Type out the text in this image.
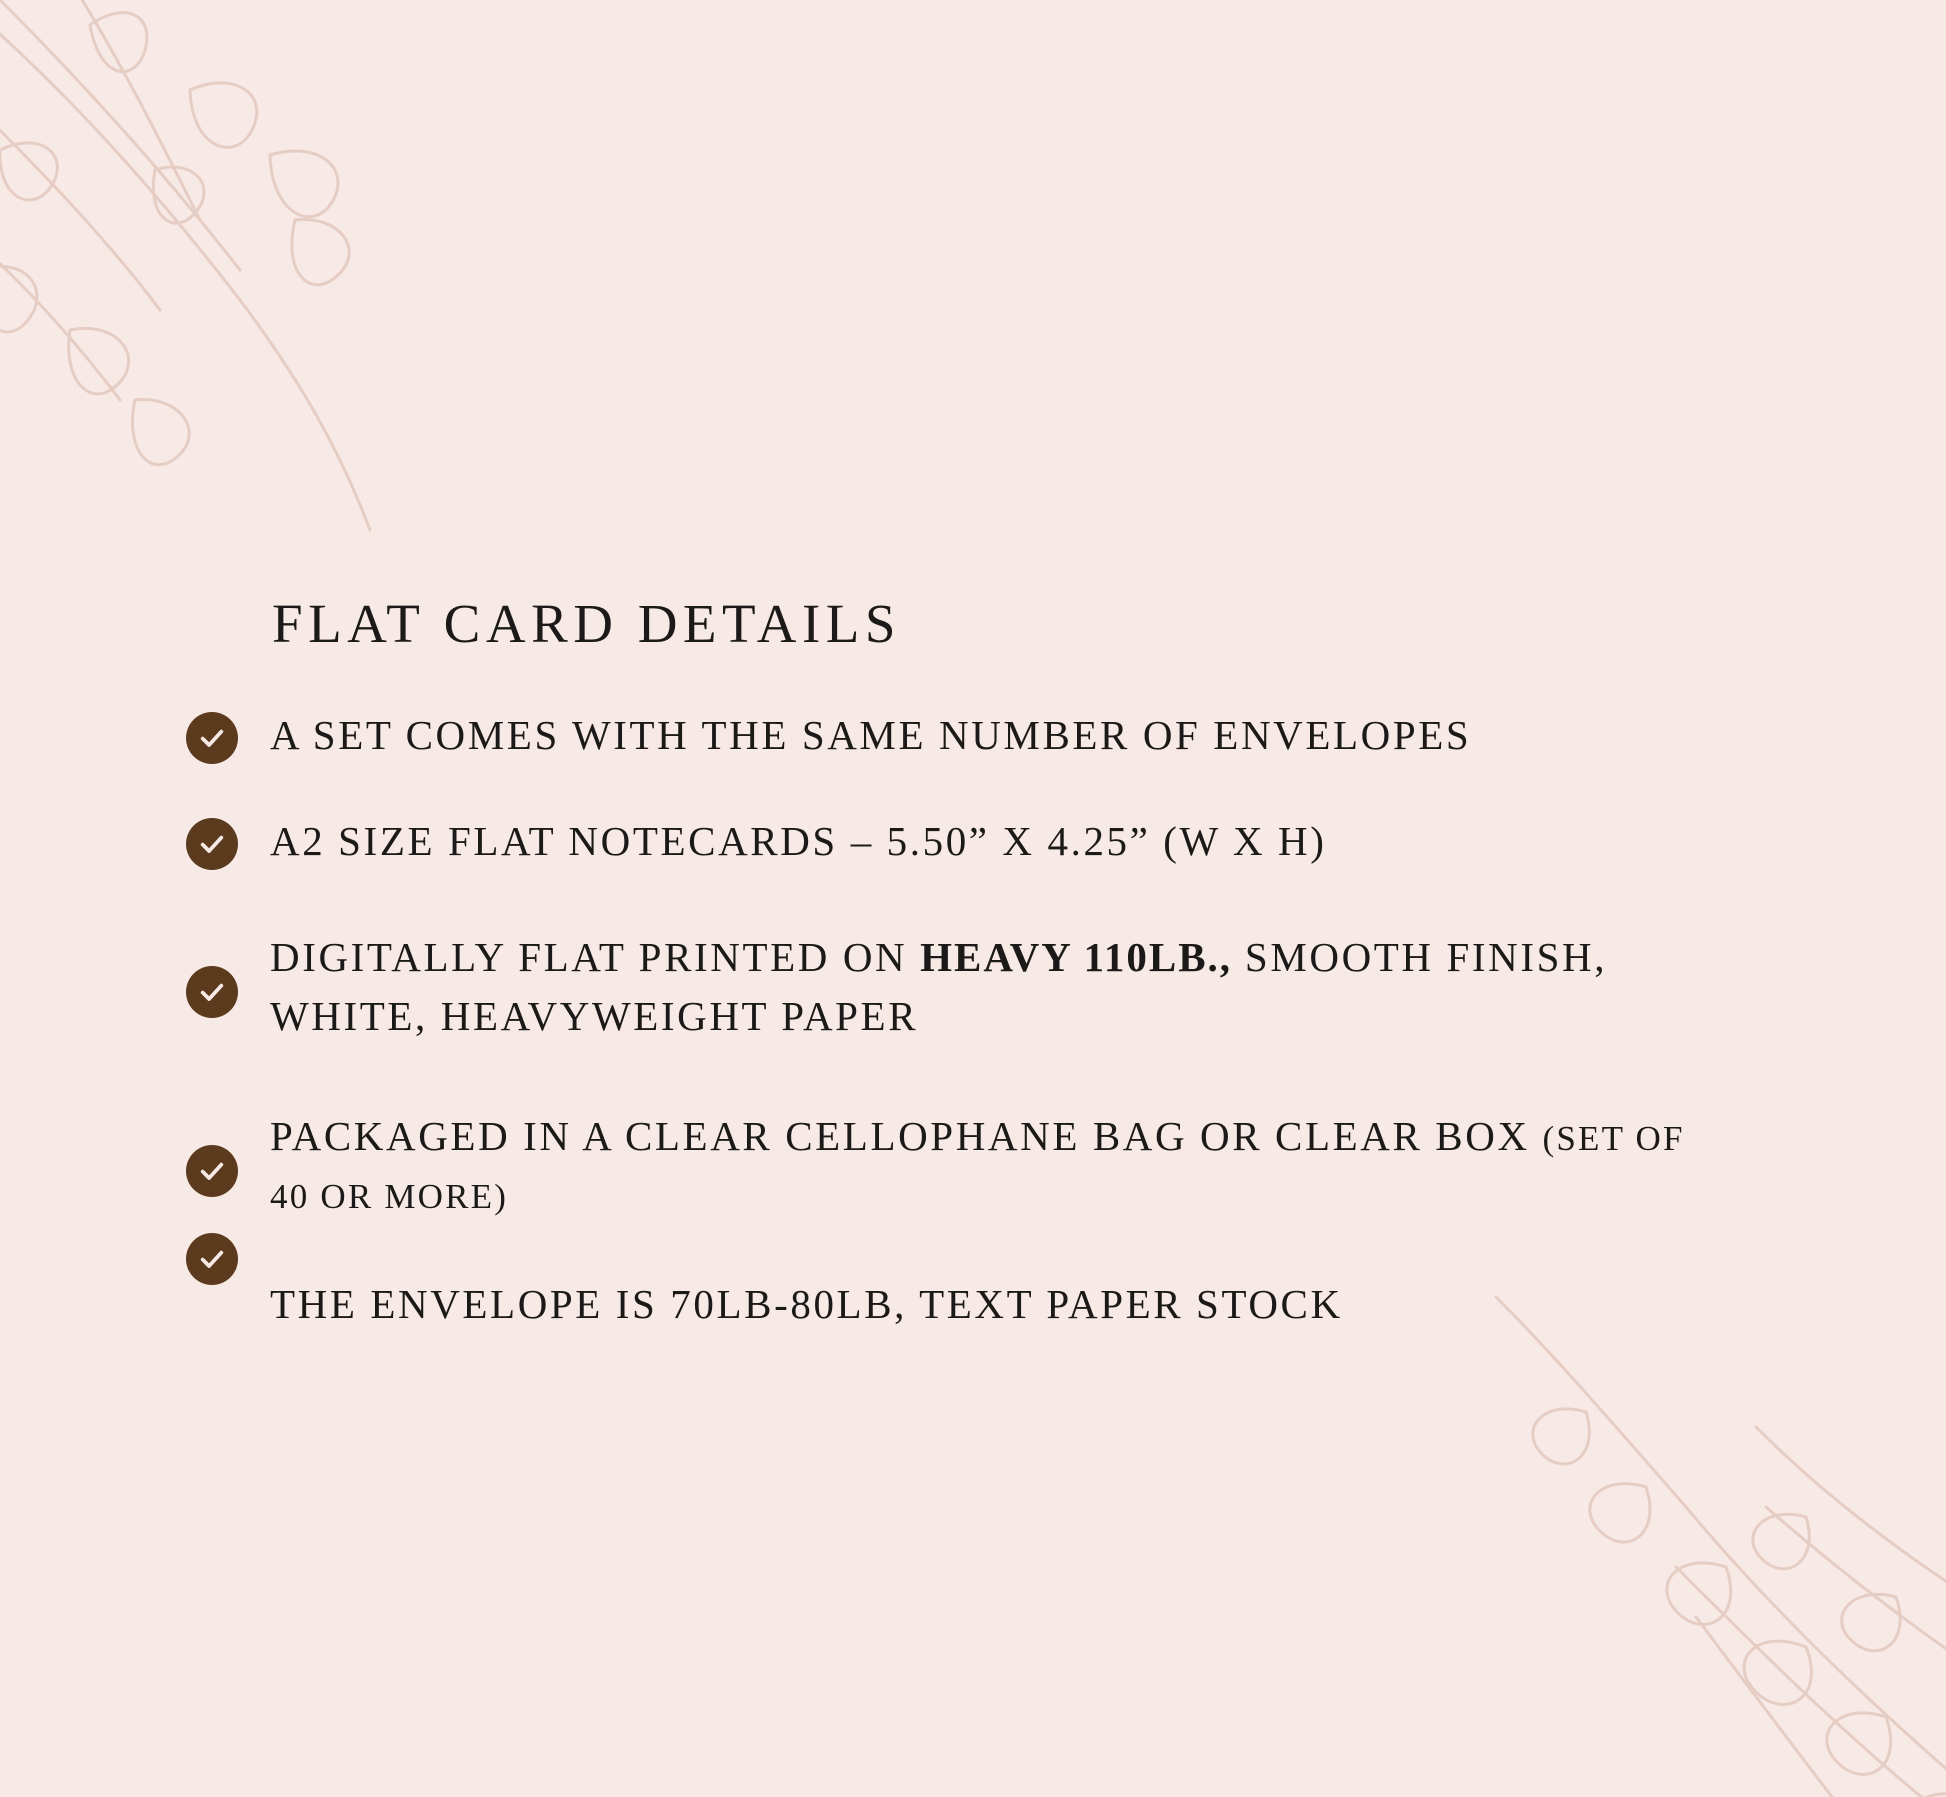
FLAT CARD DETAILS
A SET COMES WITH THE SAME NUMBER OF ENVELOPES
A2 SIZE FLAT NOTECARDS – 5.50” X 4.25” (W X H)
DIGITALLY FLAT PRINTED ON HEAVY 110LB., SMOOTH FINISH, WHITE, HEAVYWEIGHT PAPER
PACKAGED IN A CLEAR CELLOPHANE BAG OR CLEAR BOX (SET OF 40 OR MORE)
THE ENVELOPE IS 70LB-80LB, TEXT PAPER STOCK
